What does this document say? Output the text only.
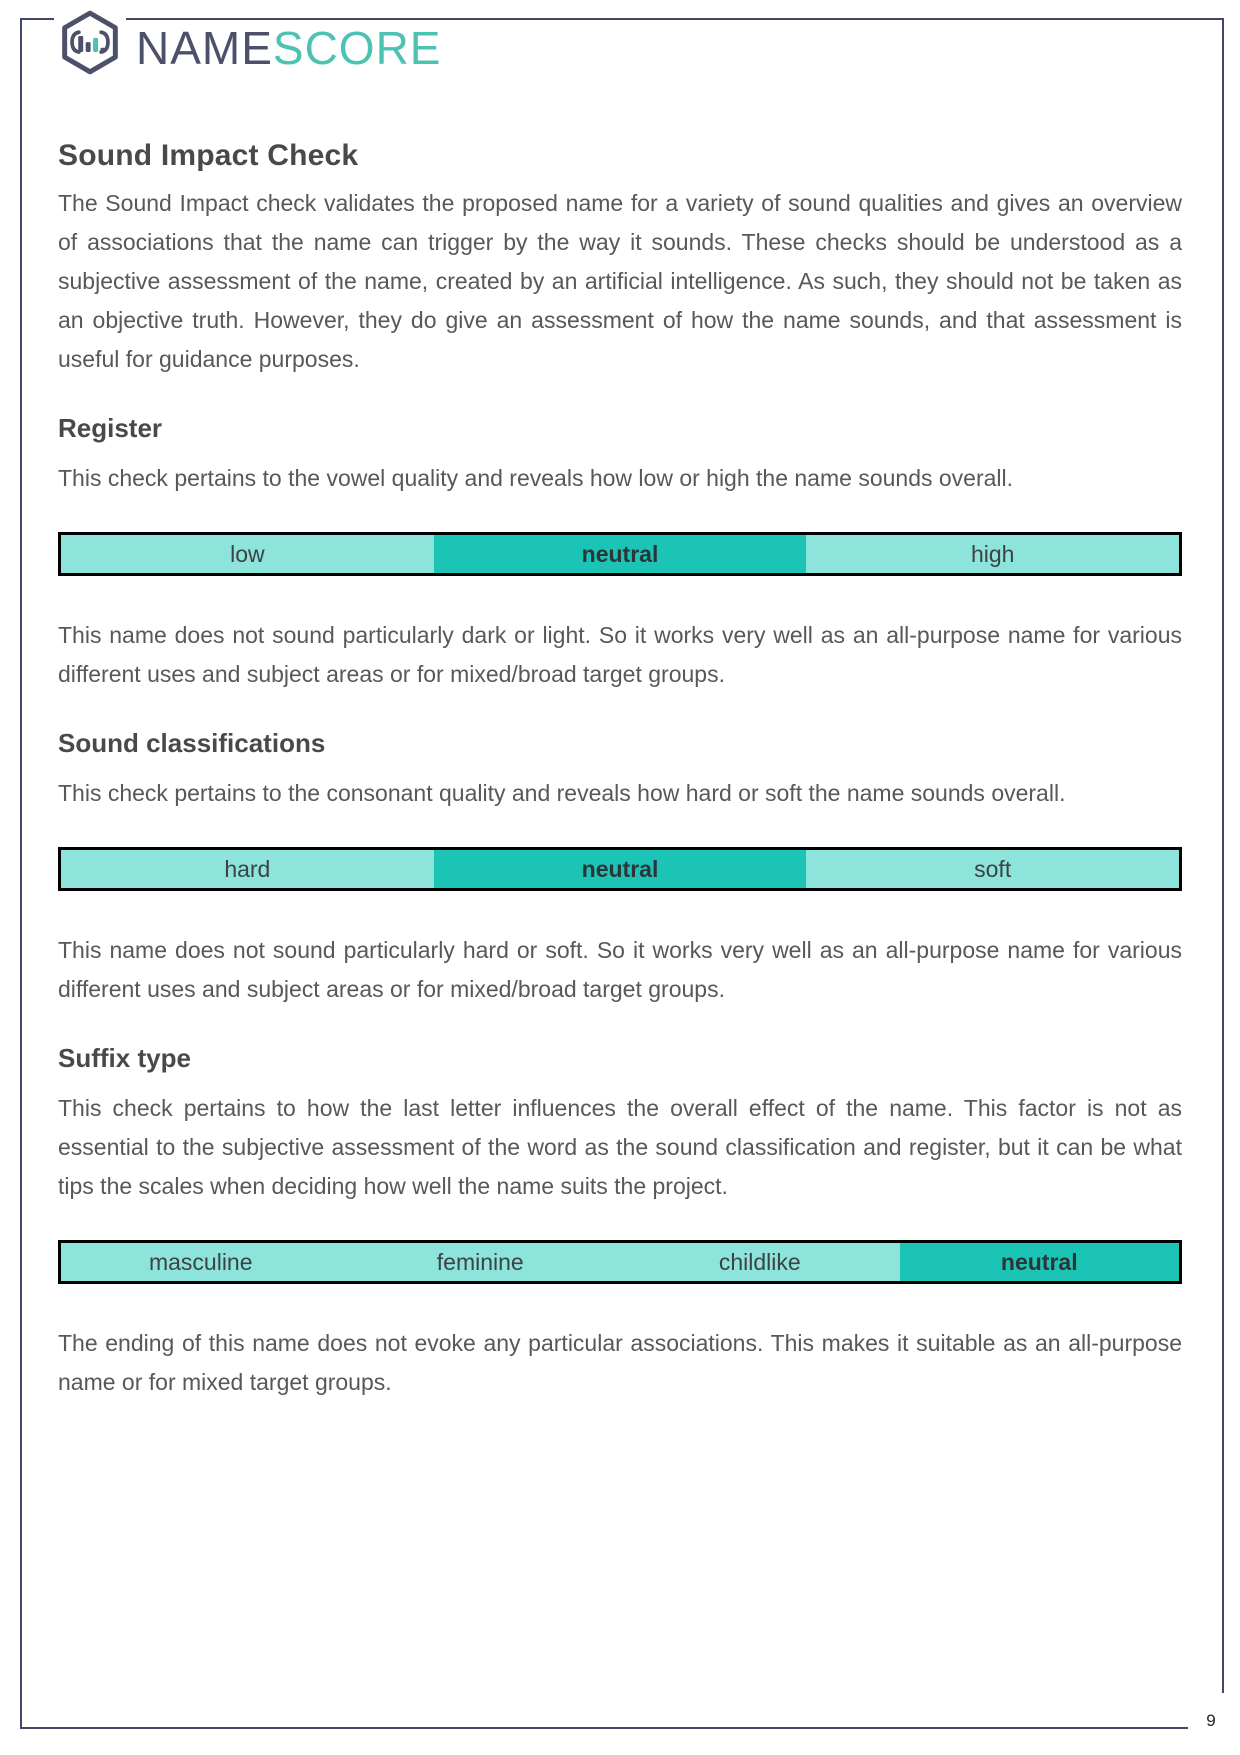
NAMESCORE
Sound Impact Check

The Sound Impact check validates the proposed name for a variety of sound qualities and gives an overview of associations that the name can trigger by the way it sounds. These checks should be understood as a subjective assessment of the name, created by an artificial intelligence. As such, they should not be taken as an objective truth. However, they do give an assessment of how the name sounds, and that assessment is useful for guidance purposes.

Register

This check pertains to the vowel quality and reveals how low or high the name sounds overall.

low	neutral	high

This name does not sound particularly dark or light. So it works very well as an all-purpose name for various different uses and subject areas or for mixed/broad target groups.

Sound classifications

This check pertains to the consonant quality and reveals how hard or soft the name sounds overall.

hard	neutral	soft

This name does not sound particularly hard or soft. So it works very well as an all-purpose name for various different uses and subject areas or for mixed/broad target groups.

Suffix type

This check pertains to how the last letter influences the overall effect of the name. This factor is not as essential to the subjective assessment of the word as the sound classification and register, but it can be what tips the scales when deciding how well the name suits the project.

masculine	feminine	childlike	neutral

The ending of this name does not evoke any particular associations. This makes it suitable as an all-purpose name or for mixed target groups.

9
